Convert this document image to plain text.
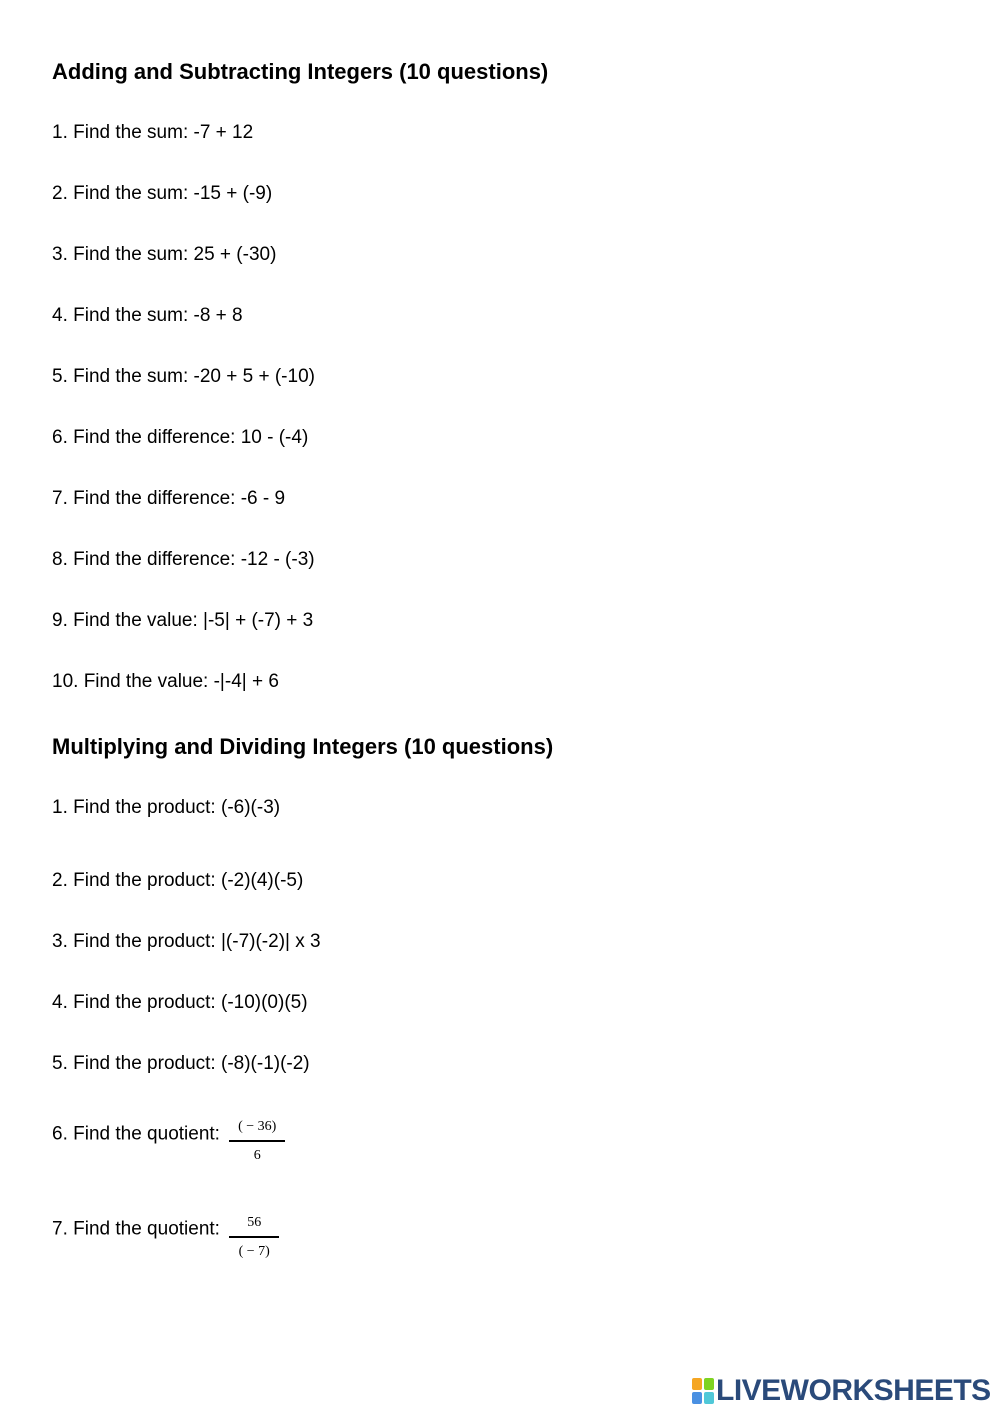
Adding and Subtracting Integers (10 questions)
1. Find the sum: -7 + 12
2. Find the sum: -15 + (-9)
3. Find the sum: 25 + (-30)
4. Find the sum: -8 + 8
5. Find the sum: -20 + 5 + (-10)
6. Find the difference: 10 - (-4)
7. Find the difference: -6 - 9
8. Find the difference: -12 - (-3)
9. Find the value: |-5| + (-7) + 3
10. Find the value: -|-4| + 6
Multiplying and Dividing Integers (10 questions)
1. Find the product: (-6)(-3)
2. Find the product: (-2)(4)(-5)
3. Find the product: |(-7)(-2)| x 3
4. Find the product: (-10)(0)(5)
5. Find the product: (-8)(-1)(-2)
6. Find the quotient: $\frac{( - 36)}{6}$
7. Find the quotient: $\frac{56}{( - 7)}$
LIVEWORKSHEETS
